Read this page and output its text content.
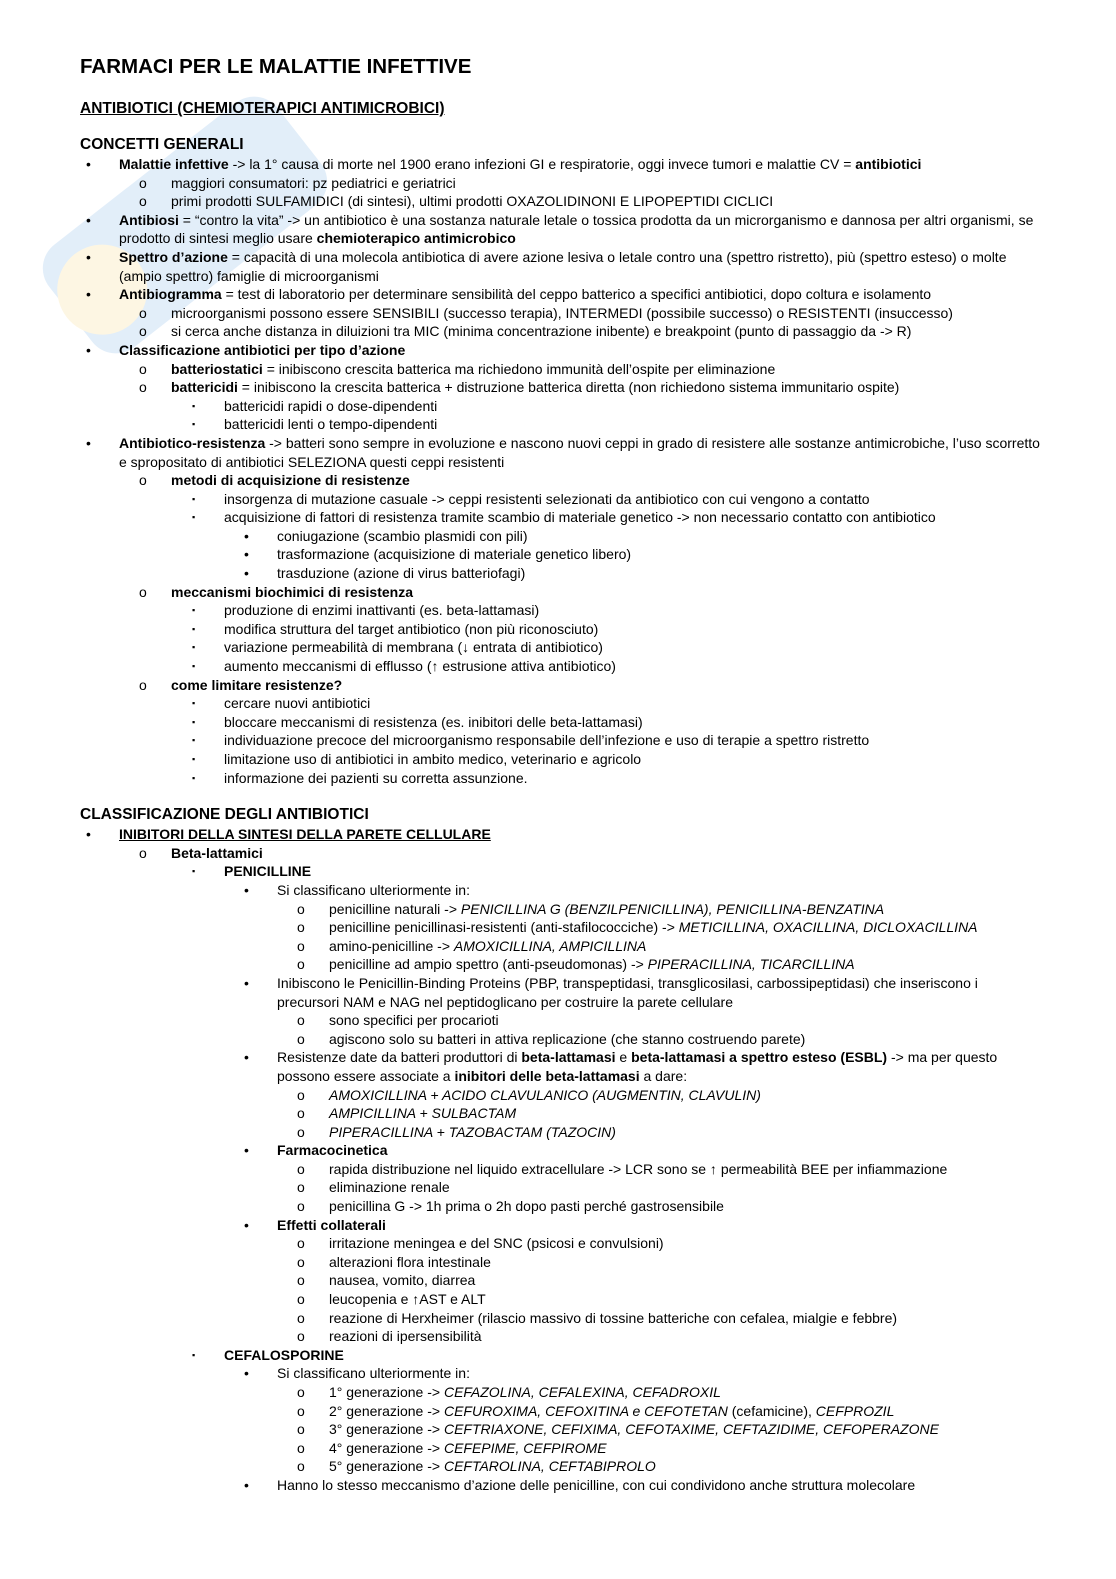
FARMACI PER LE MALATTIE INFETTIVE
ANTIBIOTICI (CHEMIOTERAPICI ANTIMICROBICI)
CONCETTI GENERALI
•
Malattie infettive -> la 1° causa di morte nel 1900 erano infezioni GI e respiratorie, oggi invece tumori e malattie CV = antibiotici
o
maggiori consumatori: pz pediatrici e geriatrici
o
primi prodotti SULFAMIDICI (di sintesi), ultimi prodotti OXAZOLIDINONI E LIPOPEPTIDI CICLICI
•
Antibiosi = “contro la vita” -> un antibiotico è una sostanza naturale letale o tossica prodotta da un microrganismo e dannosa per altri organismi, se prodotto di sintesi meglio usare chemioterapico antimicrobico
•
Spettro d’azione = capacità di una molecola antibiotica di avere azione lesiva o letale contro una (spettro ristretto), più (spettro esteso) o molte (ampio spettro) famiglie di microorganismi
•
Antibiogramma = test di laboratorio per determinare sensibilità del ceppo batterico a specifici antibiotici, dopo coltura e isolamento
o
microorganismi possono essere SENSIBILI (successo terapia), INTERMEDI (possibile successo) o RESISTENTI (insuccesso)
o
si cerca anche distanza in diluizioni tra MIC (minima concentrazione inibente) e breakpoint (punto di passaggio da -> R)
•
Classificazione antibiotici per tipo d’azione
o
batteriostatici = inibiscono crescita batterica ma richiedono immunità dell’ospite per eliminazione
o
battericidi = inibiscono la crescita batterica + distruzione batterica diretta (non richiedono sistema immunitario ospite)
▪
battericidi rapidi o dose-dipendenti
▪
battericidi lenti o tempo-dipendenti
•
Antibiotico-resistenza -> batteri sono sempre in evoluzione e nascono nuovi ceppi in grado di resistere alle sostanze antimicrobiche, l’uso scorretto e spropositato di antibiotici SELEZIONA questi ceppi resistenti
o
metodi di acquisizione di resistenze
▪
insorgenza di mutazione casuale -> ceppi resistenti selezionati da antibiotico con cui vengono a contatto
▪
acquisizione di fattori di resistenza tramite scambio di materiale genetico -> non necessario contatto con antibiotico
•
coniugazione (scambio plasmidi con pili)
•
trasformazione (acquisizione di materiale genetico libero)
•
trasduzione (azione di virus batteriofagi)
o
meccanismi biochimici di resistenza
▪
produzione di enzimi inattivanti (es. beta-lattamasi)
▪
modifica struttura del target antibiotico (non più riconosciuto)
▪
variazione permeabilità di membrana (↓ entrata di antibiotico)
▪
aumento meccanismi di efflusso (↑ estrusione attiva antibiotico)
o
come limitare resistenze?
▪
cercare nuovi antibiotici
▪
bloccare meccanismi di resistenza (es. inibitori delle beta-lattamasi)
▪
individuazione precoce del microorganismo responsabile dell’infezione e uso di terapie a spettro ristretto
▪
limitazione uso di antibiotici in ambito medico, veterinario e agricolo
▪
informazione dei pazienti su corretta assunzione.
CLASSIFICAZIONE DEGLI ANTIBIOTICI
•
INIBITORI DELLA SINTESI DELLA PARETE CELLULARE
o
Beta-lattamici
▪
PENICILLINE
•
Si classificano ulteriormente in:
o
penicilline naturali -> PENICILLINA G (BENZILPENICILLINA), PENICILLINA-BENZATINA
o
penicilline penicillinasi-resistenti (anti-stafilococciche) -> METICILLINA, OXACILLINA, DICLOXACILLINA
o
amino-penicilline -> AMOXICILLINA, AMPICILLINA
o
penicilline ad ampio spettro (anti-pseudomonas) -> PIPERACILLINA, TICARCILLINA
•
Inibiscono le Penicillin-Binding Proteins (PBP, transpeptidasi, transglicosilasi, carbossipeptidasi) che inseriscono i precursori NAM e NAG nel peptidoglicano per costruire la parete cellulare
o
sono specifici per procarioti
o
agiscono solo su batteri in attiva replicazione (che stanno costruendo parete)
•
Resistenze date da batteri produttori di beta-lattamasi e beta-lattamasi a spettro esteso (ESBL) -> ma per questo possono essere associate a inibitori delle beta-lattamasi a dare:
o
AMOXICILLINA + ACIDO CLAVULANICO (AUGMENTIN, CLAVULIN)
o
AMPICILLINA + SULBACTAM
o
PIPERACILLINA + TAZOBACTAM (TAZOCIN)
•
Farmacocinetica
o
rapida distribuzione nel liquido extracellulare -> LCR sono se ↑ permeabilità BEE per infiammazione
o
eliminazione renale
o
penicillina G -> 1h prima o 2h dopo pasti perché gastrosensibile
•
Effetti collaterali
o
irritazione meningea e del SNC (psicosi e convulsioni)
o
alterazioni flora intestinale
o
nausea, vomito, diarrea
o
leucopenia e ↑AST e ALT
o
reazione di Herxheimer (rilascio massivo di tossine batteriche con cefalea, mialgie e febbre)
o
reazioni di ipersensibilità
▪
CEFALOSPORINE
•
Si classificano ulteriormente in:
o
1° generazione -> CEFAZOLINA, CEFALEXINA, CEFADROXIL
o
2° generazione -> CEFUROXIMA, CEFOXITINA e CEFOTETAN (cefamicine), CEFPROZIL
o
3° generazione -> CEFTRIAXONE, CEFIXIMA, CEFOTAXIME, CEFTAZIDIME, CEFOPERAZONE
o
4° generazione -> CEFEPIME, CEFPIROME
o
5° generazione -> CEFTAROLINA, CEFTABIPROLO
•
Hanno lo stesso meccanismo d’azione delle penicilline, con cui condividono anche struttura molecolare
